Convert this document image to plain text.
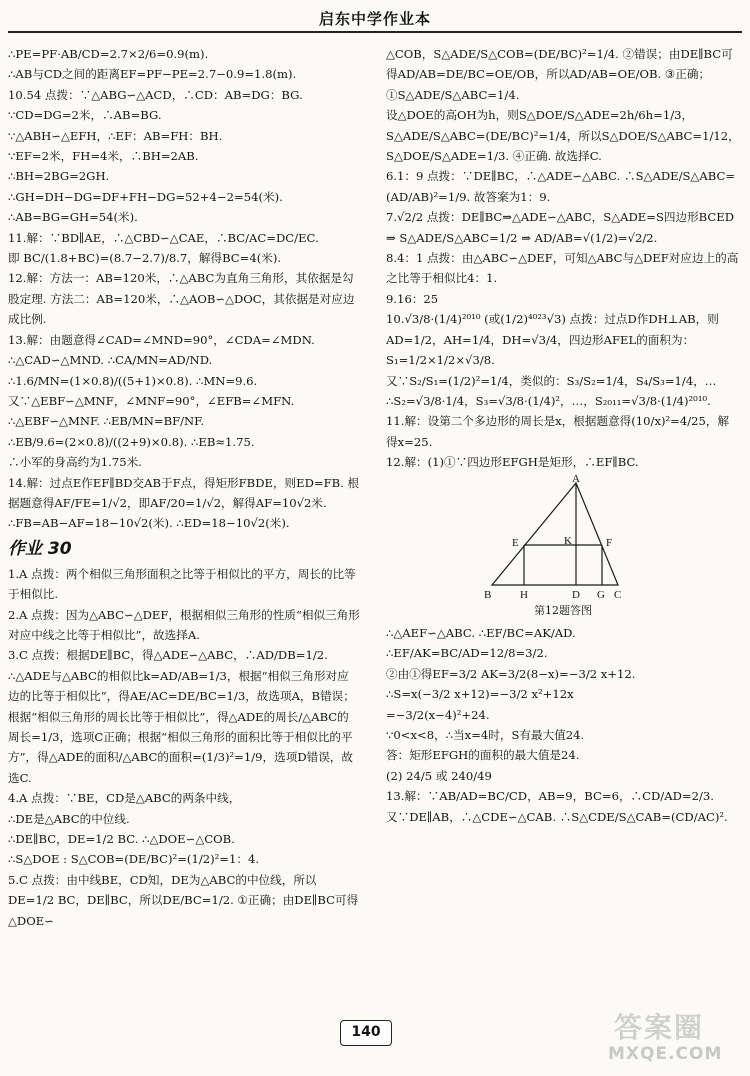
启东中学作业本

∴PE=PF·AB/CD=2.7×2/6=0.9(m).

∴AB与CD之间的距离EF=PF−PE=2.7−0.9=1.8(m).

10.54 点拨：∵△ABG∽△ACD，∴CD：AB=DG：BG.

∵CD=DG=2米，∴AB=BG.

∵△ABH∽△EFH，∴EF：AB=FH：BH.

∵EF=2米，FH=4米，∴BH=2AB.

∴BH=2BG=2GH.

∴GH=DH−DG=DF+FH−DG=52+4−2=54(米).

∴AB=BG=GH=54(米).

11.解：∵BD∥AE，∴△CBD∽△CAE，∴BC/AC=DC/EC.

即 BC/(1.8+BC)=(8.7−2.7)/8.7，解得BC=4(米).

12.解：方法一：AB=120米，∴△ABC为直角三角形，其依据是勾股定理. 方法二：AB=120米，∴△AOB∽△DOC，其依据是对应边成比例.

13.解：由题意得∠CAD=∠MND=90°，∠CDA=∠MDN.

∴△CAD∽△MND. ∴CA/MN=AD/ND.

∴1.6/MN=(1×0.8)/((5+1)×0.8). ∴MN=9.6.

又∵△EBF∽△MNF，∠MNF=90°，∠EFB=∠MFN.

∴△EBF∽△MNF. ∴EB/MN=BF/NF.

∴EB/9.6=(2×0.8)/((2+9)×0.8). ∴EB≈1.75.

∴小军的身高约为1.75米.

14.解：过点E作EF∥BD交AB于F点，得矩形FBDE，则ED=FB. 根据题意得AF/FE=1/√2，即AF/20=1/√2，解得AF=10√2米.

∴FB=AB−AF=18−10√2(米). ∴ED=18−10√2(米).

作业 30

1.A 点拨：两个相似三角形面积之比等于相似比的平方，周长的比等于相似比.

2.A 点拨：因为△ABC∽△DEF，根据相似三角形的性质“相似三角形对应中线之比等于相似比”，故选择A.

3.C 点拨：根据DE∥BC，得△ADE∽△ABC，∴AD/DB=1/2.

∴△ADE与△ABC的相似比k=AD/AB=1/3，根据“相似三角形对应边的比等于相似比”，得AE/AC=DE/BC=1/3，故选项A，B错误；根据“相似三角形的周长比等于相似比”，得△ADE的周长/△ABC的周长=1/3，选项C正确；根据“相似三角形的面积比等于相似比的平方”，得△ADE的面积/△ABC的面积=(1/3)²=1/9，选项D错误，故选C.

4.A 点拨：∵BE，CD是△ABC的两条中线，

∴DE是△ABC的中位线.

∴DE∥BC，DE=1/2 BC. ∴△DOE∽△COB.

∴S△DOE : S△COB=(DE/BC)²=(1/2)²=1：4.

5.C 点拨：由中线BE，CD知，DE为△ABC的中位线，所以DE=1/2 BC，DE∥BC，所以DE/BC=1/2. ①正确；由DE∥BC可得△DOE∽

△COB，S△ADE/S△COB=(DE/BC)²=1/4. ②错误；由DE∥BC可得AD/AB=DE/BC=OE/OB，所以AD/AB=OE/OB. ③正确；①S△ADE/S△ABC=1/4.

设△DOE的高OH为h，则S△DOE/S△ADE=2h/6h=1/3，S△ADE/S△ABC=(DE/BC)²=1/4，所以S△DOE/S△ABC=1/12，S△DOE/S△ADE=1/3. ④正确. 故选择C.

6.1：9 点拨：∵DE∥BC，∴△ADE∽△ABC. ∴S△ADE/S△ABC=(AD/AB)²=1/9. 故答案为1：9.

7.√2/2 点拨：DE∥BC⇒△ADE∽△ABC，S△ADE=S四边形BCED ⇒ S△ADE/S△ABC=1/2 ⇒ AD/AB=√(1/2)=√2/2.

8.4：1 点拨：由△ABC∽△DEF，可知△ABC与△DEF对应边上的高之比等于相似比4：1.

9.16：25

10.√3/8·(1/4)²⁰¹⁰ (或(1/2)⁴⁰²³√3) 点拨：过点D作DH⊥AB，则AD=1/2，AH=1/4，DH=√3/4，四边形AFEL的面积为：S₁=1/2×1/2×√3/8.

又∵S₂/S₁=(1/2)²=1/4，类似的：S₃/S₂=1/4，S₄/S₃=1/4，…

∴S₂=√3/8·1/4，S₃=√3/8·(1/4)²，…，S₂₀₁₁=√3/8·(1/4)²⁰¹⁰.

11.解：设第二个多边形的周长是x，根据题意得(10/x)²=4/25，解得x=25.

12.解：(1)①∵四边形EFGH是矩形，∴EF∥BC.

A
E	K	F
B	H	D G C
第12题答图

∴△AEF∽△ABC. ∴EF/BC=AK/AD.

∴EF/AK=BC/AD=12/8=3/2.

②由①得EF=3/2 AK=3/2(8−x)=−3/2 x+12.

∴S=x(−3/2 x+12)=−3/2 x²+12x

=−3/2(x−4)²+24.

∵0<x<8，∴当x=4时，S有最大值24.

答：矩形EFGH的面积的最大值是24.

(2) 24/5 或 240/49

13.解：∵AB/AD=BC/CD，AB=9，BC=6，∴CD/AD=2/3.

又∵DE∥AB，∴△CDE∽△CAB. ∴S△CDE/S△CAB=(CD/AC)².

140	答案圈
MXQE.COM
